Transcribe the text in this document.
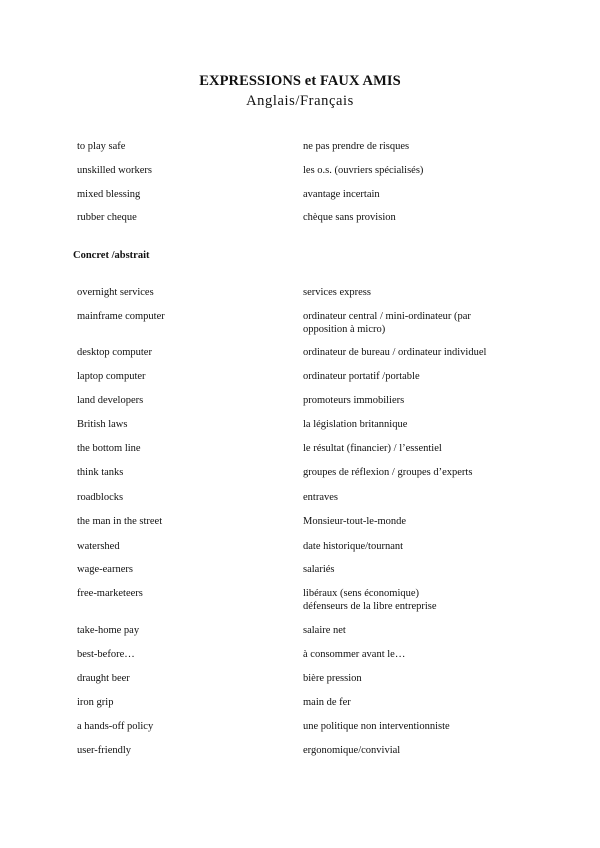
EXPRESSIONS et FAUX AMIS
Anglais/Français
to play safe	ne pas prendre de risques
unskilled workers	les o.s. (ouvriers spécialisés)
mixed blessing	avantage incertain
rubber cheque	chèque sans provision
Concret /abstrait
overnight services	services express
mainframe computer	ordinateur central / mini-ordinateur (par opposition à micro)
desktop computer	ordinateur de bureau / ordinateur individuel
laptop computer	ordinateur portatif /portable
land developers	promoteurs immobiliers
British laws	la législation britannique
the bottom line	le résultat (financier) / l’essentiel
think tanks	groupes de réflexion / groupes d’experts
roadblocks	entraves
the man in the street	Monsieur-tout-le-monde
watershed	date historique/tournant
wage-earners	salariés
free-marketeers	libéraux (sens économique)
défenseurs de la libre entreprise
take-home pay	salaire net
best-before…	à consommer avant le…
draught beer	bière pression
iron grip	main de fer
a hands-off policy	une politique non interventionniste
user-friendly	ergonomique/convivial
